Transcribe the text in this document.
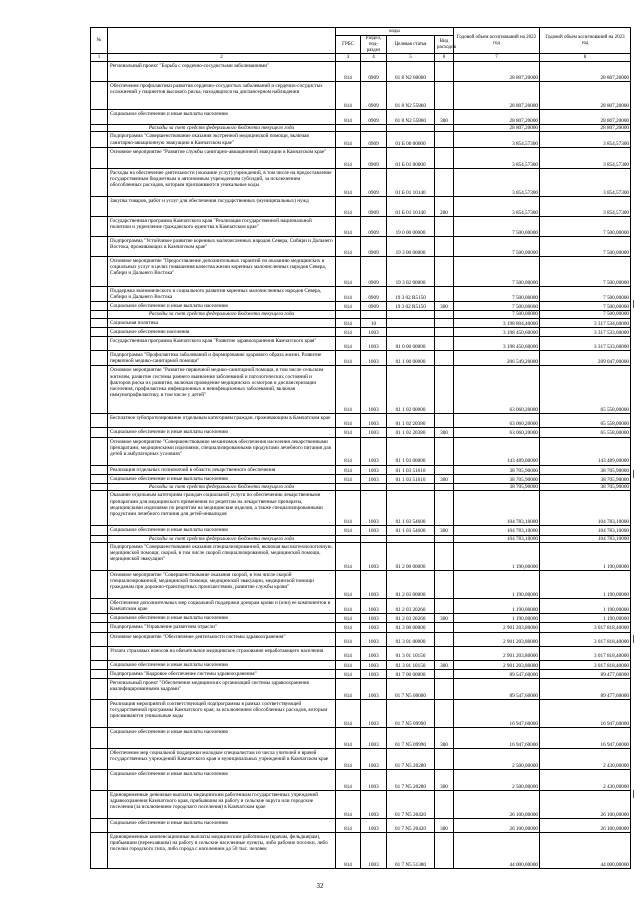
№		коды				Годовой объем ассигнований на 2022 год	Годовой объем ассигнований на 2023 год
		ГРБС	Раздел, под-раздел	Целевая статья	Вид расходов		
1	2	3	4	5	6	7	8
	Региональный проект "Борьба с сердечно-сосудистыми заболеваниями"	814	0909	01 8 N2 00000		28 807,20000	28 807,20000
	Обеспечение профилактики развития сердечно-сосудистых заболеваний и сердечно-сосудистых осложнений у пациентов высокого риска, находящихся на диспансерном наблюдении	814	0909	01 8 N2 55860		28 807,20000	28 807,20000
	Социальное обеспечение и иные выплаты населению	814	0909	01 8 N2 55860	300	28 807,20000	28 807,20000
	Расходы за счет средств федерального бюджета текущего года					28 807,20000	28 807,20000
	Подпрограмма "Совершенствование оказания экстренной медицинской помощи, включая санитарно-авиационную эвакуацию в Камчатском крае"	814	0909	01 Б 00 00000		3 854,57300	3 854,57300
	Основное мероприятие "Развитие службы санитарно-авиационной эвакуации в Камчатском крае"	814	0909	01 Б 01 00000		3 854,57300	3 854,57300
	Расходы на обеспечение деятельности (оказание услуг) учреждений, в том числе на предоставление государственным бюджетным и автономным учреждениям субсидий, за исключением обособленных расходов, которым присваиваются уникальные коды	814	0909	01 Б 01 10140		3 854,57300	3 854,57300
	Закупка товаров, работ и услуг для обеспечения государственных (муниципальных) нужд	814	0909	01 Б 01 10140	200	3 854,57300	3 854,57300
	Государственная программа Камчатского края "Реализация государственной национальной политики и укрепление гражданского единства в Камчатском крае"	814	0909	19 0 00 00000		7 500,00000	7 500,00000
	Подпрограмма "Устойчивое развитие коренных малочисленных народов Севера, Сибири и Дальнего Востока, проживающих в Камчатском крае"	814	0909	19 3 00 00000		7 500,00000	7 500,00000
	Основное мероприятие "Предоставление дополнительных гарантий по оказанию медицинских и социальных услуг в целях повышения качества жизни коренных малочисленных народов Севера, Сибири и Дальнего Востока"	814	0909	19 3 02 00000		7 500,00000	7 500,00000
	Поддержка экономического и социального развития коренных малочисленных народов Севера, Сибири и Дальнего Востока	814	0909	19 3 02 R5150		7 500,00000	7 500,00000
	Социальное обеспечение и иные выплаты населению	814	0909	19 3 02 R5150	300	7 500,00000	7 500,00000
	Расходы за счет средств федерального бюджета текущего года					7 500,00000	7 500,00000
	Социальная политика	814	10			3 198 804,40000	3 317 534,60000
	Социальное обеспечение населения	814	1003			3 198 450,60000	3 317 533,60000
	Государственная программа Камчатского края "Развитие здравоохранения Камчатского края"	814	1003	01 0 00 00000		3 198 450,60000	3 317 533,60000
	Подпрограмма "Профилактика заболеваний и формирование здорового образа жизни. Развитие первичной медико-санитарной помощи"	814	1003	01 1 00 00000		206 549,20000	209 047,00000
	Основное мероприятие "Развитие первичной медико-санитарной помощи, в том числе сельским жителям, развитие системы раннего выявления заболеваний и патологических состояний и факторов риска их развития, включая проведение медицинских осмотров и диспансеризации населения, профилактика инфекционных и неинфекционных заболеваний, включая иммунопрофилактику, в том числе у детей"	814	1003	01 1 02 00000		63 060,20000	65 558,00000
	Бесплатное зубопротезирование отдельным категориям граждан, проживающим в Камчатском крае	814	1003	01 1 02 20380		63 060,20000	65 558,00000
	Социальное обеспечение и иные выплаты населению	814	1003	01 1 02 20380	300	63 060,20000	65 558,00000
	Основное мероприятие "Совершенствование механизмов обеспечения населения лекарственными препаратами, медицинскими изделиями, специализированными продуктами лечебного питания для детей в амбулаторных условиях"	814	1003	01 1 03 00000		143 489,00000	143 489,00000
	Реализация отдельных полномочий в области лекарственного обеспечения	814	1003	01 1 03 51610		38 705,90000	38 705,90000
	Социальное обеспечение и иные выплаты населению	814	1003	01 1 03 51610	300	38 705,90000	38 705,90000
	Расходы за счет средств федерального бюджета текущего года					38 705,90000	38 705,90000
	Оказание отдельным категориям граждан социальной услуги по обеспечению лекарственными препаратами для медицинского применения по рецептам на лекарственные препараты, медицинскими изделиями по рецептам на медицинские изделия, а также специализированными продуктами лечебного питания для детей-инвалидов	814	1003	01 1 03 54600		104 783,10000	104 783,10000
	Социальное обеспечение и иные выплаты населению	814	1003	01 1 03 54600	300	104 783,10000	104 783,10000
	Расходы за счет средств федерального бюджета текущего года					104 783,10000	104 783,10000
	Подпрограмма "Совершенствование оказания специализированной, включая высокотехнологичную, медицинской помощи, скорой, в том числе скорой специализированной, медицинской помощи, медицинской эвакуации"	814	1003	01 2 00 00000		1 190,00000	1 190,00000
	Основное мероприятие "Совершенствование оказания скорой, в том числе скорой специализированной, медицинской помощи, медицинской эвакуации, медицинской помощи гражданам при дорожно-транспортных происшествиях, развитие службы крови"	814	1003	01 2 03 00000		1 190,00000	1 190,00000
	Обеспечение дополнительных мер социальной поддержки донорам крови и (или) ее компонентов в Камчатском крае	814	1003	01 2 03 20260		1 190,00000	1 190,00000
	Социальное обеспечение и иные выплаты населению	814	1003	01 2 03 20260	300	1 190,00000	1 190,00000
	Подпрограмма "Управление развитием отрасли"	814	1003	01 3 00 00000		2 901 203,80000	3 017 818,40000
	Основное мероприятие "Обеспечение деятельности системы здравоохранения"	814	1003	01 3 01 00000		2 901 203,80000	3 017 818,40000
	Уплата страховых взносов на обязательное медицинское страхование неработающего населения	814	1003	01 3 01 10150		2 901 203,80000	3 017 818,40000
	Социальное обеспечение и иные выплаты населению	814	1003	01 3 01 10150	300	2 901 203,80000	3 017 818,40000
	Подпрограмма "Кадровое обеспечение системы здравоохранения"	814	1003	01 7 00 00000		89 547,60000	89 477,60000
	Региональный проект "Обеспечение медицинских организаций системы здравоохранения квалифицированными кадрами"	814	1003	01 7 N5 00000		89 547,60000	89 477,60000
	Реализация мероприятий соответствующей подпрограммы в рамках соответствующей государственной программы Камчатского края, за исключением обособленных расходов, которым присваиваются уникальные коды	814	1003	01 7 N5 09990		16 947,60000	16 947,60000
	Социальное обеспечение и иные выплаты населению	814	1003	01 7 N5 09990	300	16 947,60000	16 947,60000
	Обеспечение мер социальной поддержки молодым специалистам из числа учителей и врачей государственных учреждений Камчатского края и муниципальных учреждений в Камчатском крае	814	1003	01 7 N5 20280		2 500,00000	2 430,00000
	Социальное обеспечение и иные выплаты населению	814	1003	01 7 N5 20280	300	2 500,00000	2 430,00000
	Единовременные денежные выплаты медицинским работникам государственных учреждений здравоохранения Камчатского края, прибывшим на работу в сельские округа или городские поселения (за исключением городского поселения) в Камчатском крае	814	1003	01 7 N5 20420		26 100,00000	26 100,00000
	Социальное обеспечение и иные выплаты населению	814	1003	01 7 N5 20420	300	26 100,00000	26 100,00000
	Единовременные компенсационные выплаты медицинским работникам (врачам, фельдшерам), прибывшим (переехавшим) на работу в сельские населенные пункты, либо рабочие поселки, либо поселки городского типа, либо города с населением до 50 тыс. человек	814	1003	01 7 N5 51380		44 000,00000	44 000,00000
32
